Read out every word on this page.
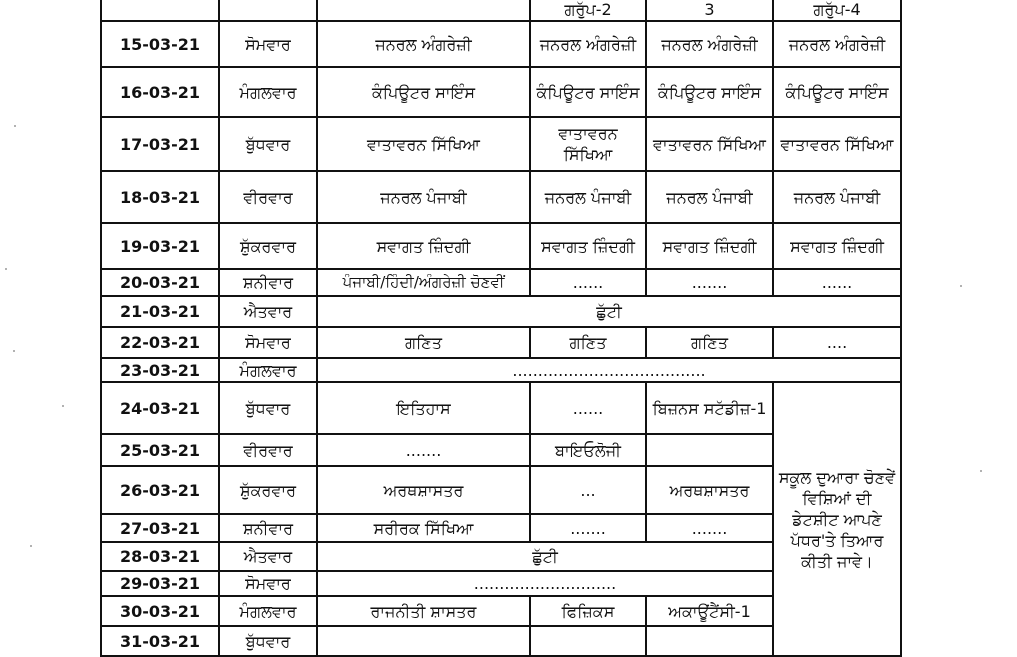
			ਗਰੁੱਪ-2	3	ਗਰੁੱਪ-4
15-03-21	ਸੋਮਵਾਰ	ਜਨਰਲ ਅੰਗਰੇਜ਼ੀ	ਜਨਰਲ ਅੰਗਰੇਜ਼ੀ	ਜਨਰਲ ਅੰਗਰੇਜ਼ੀ	ਜਨਰਲ ਅੰਗਰੇਜ਼ੀ
16-03-21	ਮੰਗਲਵਾਰ	ਕੰਪਿਊਟਰ ਸਾਇੰਸ	ਕੰਪਿਊਟਰ ਸਾਇੰਸ	ਕੰਪਿਊਟਰ ਸਾਇੰਸ	ਕੰਪਿਊਟਰ ਸਾਇੰਸ
17-03-21	ਬੁੱਧਵਾਰ	ਵਾਤਾਵਰਨ ਸਿੱਖਿਆ	ਵਾਤਾਵਰਨ ਸਿੱਖਿਆ	ਵਾਤਾਵਰਨ ਸਿੱਖਿਆ	ਵਾਤਾਵਰਨ ਸਿੱਖਿਆ
18-03-21	ਵੀਰਵਾਰ	ਜਨਰਲ ਪੰਜਾਬੀ	ਜਨਰਲ ਪੰਜਾਬੀ	ਜਨਰਲ ਪੰਜਾਬੀ	ਜਨਰਲ ਪੰਜਾਬੀ
19-03-21	ਸ਼ੁੱਕਰਵਾਰ	ਸਵਾਗਤ ਜ਼ਿੰਦਗੀ	ਸਵਾਗਤ ਜ਼ਿੰਦਗੀ	ਸਵਾਗਤ ਜ਼ਿੰਦਗੀ	ਸਵਾਗਤ ਜ਼ਿੰਦਗੀ
20-03-21	ਸ਼ਨੀਵਾਰ	ਪੰਜਾਬੀ/ਹਿੰਦੀ/ਅੰਗਰੇਜ਼ੀ ਚੋਣਵੀਂ	......	.......	......
21-03-21	ਐਤਵਾਰ	ਛੁੱਟੀ			
22-03-21	ਸੋਮਵਾਰ	ਗਣਿਤ	ਗਣਿਤ	ਗਣਿਤ	....
23-03-21	ਮੰਗਲਵਾਰ	......................................			
24-03-21	ਬੁੱਧਵਾਰ	ਇਤਿਹਾਸ	......	ਬਿਜ਼ਨਸ ਸਟੱਡੀਜ਼-1	ਸਕੂਲ ਦੁਆਰਾ ਚੋਣਵੇਂ ਵਿਸ਼ਿਆਂ ਦੀ ਡੇਟਸ਼ੀਟ ਆਪਣੇ ਪੱਧਰ'ਤੇ ਤਿਆਰ ਕੀਤੀ ਜਾਵੇ।
25-03-21	ਵੀਰਵਾਰ	.......	ਬਾਇਓਲੋਜੀ		
26-03-21	ਸ਼ੁੱਕਰਵਾਰ	ਅਰਥਸ਼ਾਸਤਰ	...	ਅਰਥਸ਼ਾਸਤਰ	
27-03-21	ਸ਼ਨੀਵਾਰ	ਸਰੀਰਕ ਸਿੱਖਿਆ	.......	.......	
28-03-21	ਐਤਵਾਰ	ਛੁੱਟੀ			
29-03-21	ਸੋਮਵਾਰ	............................			
30-03-21	ਮੰਗਲਵਾਰ	ਰਾਜਨੀਤੀ ਸ਼ਾਸਤਰ	ਫਿਜ਼ਿਕਸ	ਅਕਾਊਂਟੈਂਸੀ-1	
31-03-21	ਬੁੱਧਵਾਰ				
